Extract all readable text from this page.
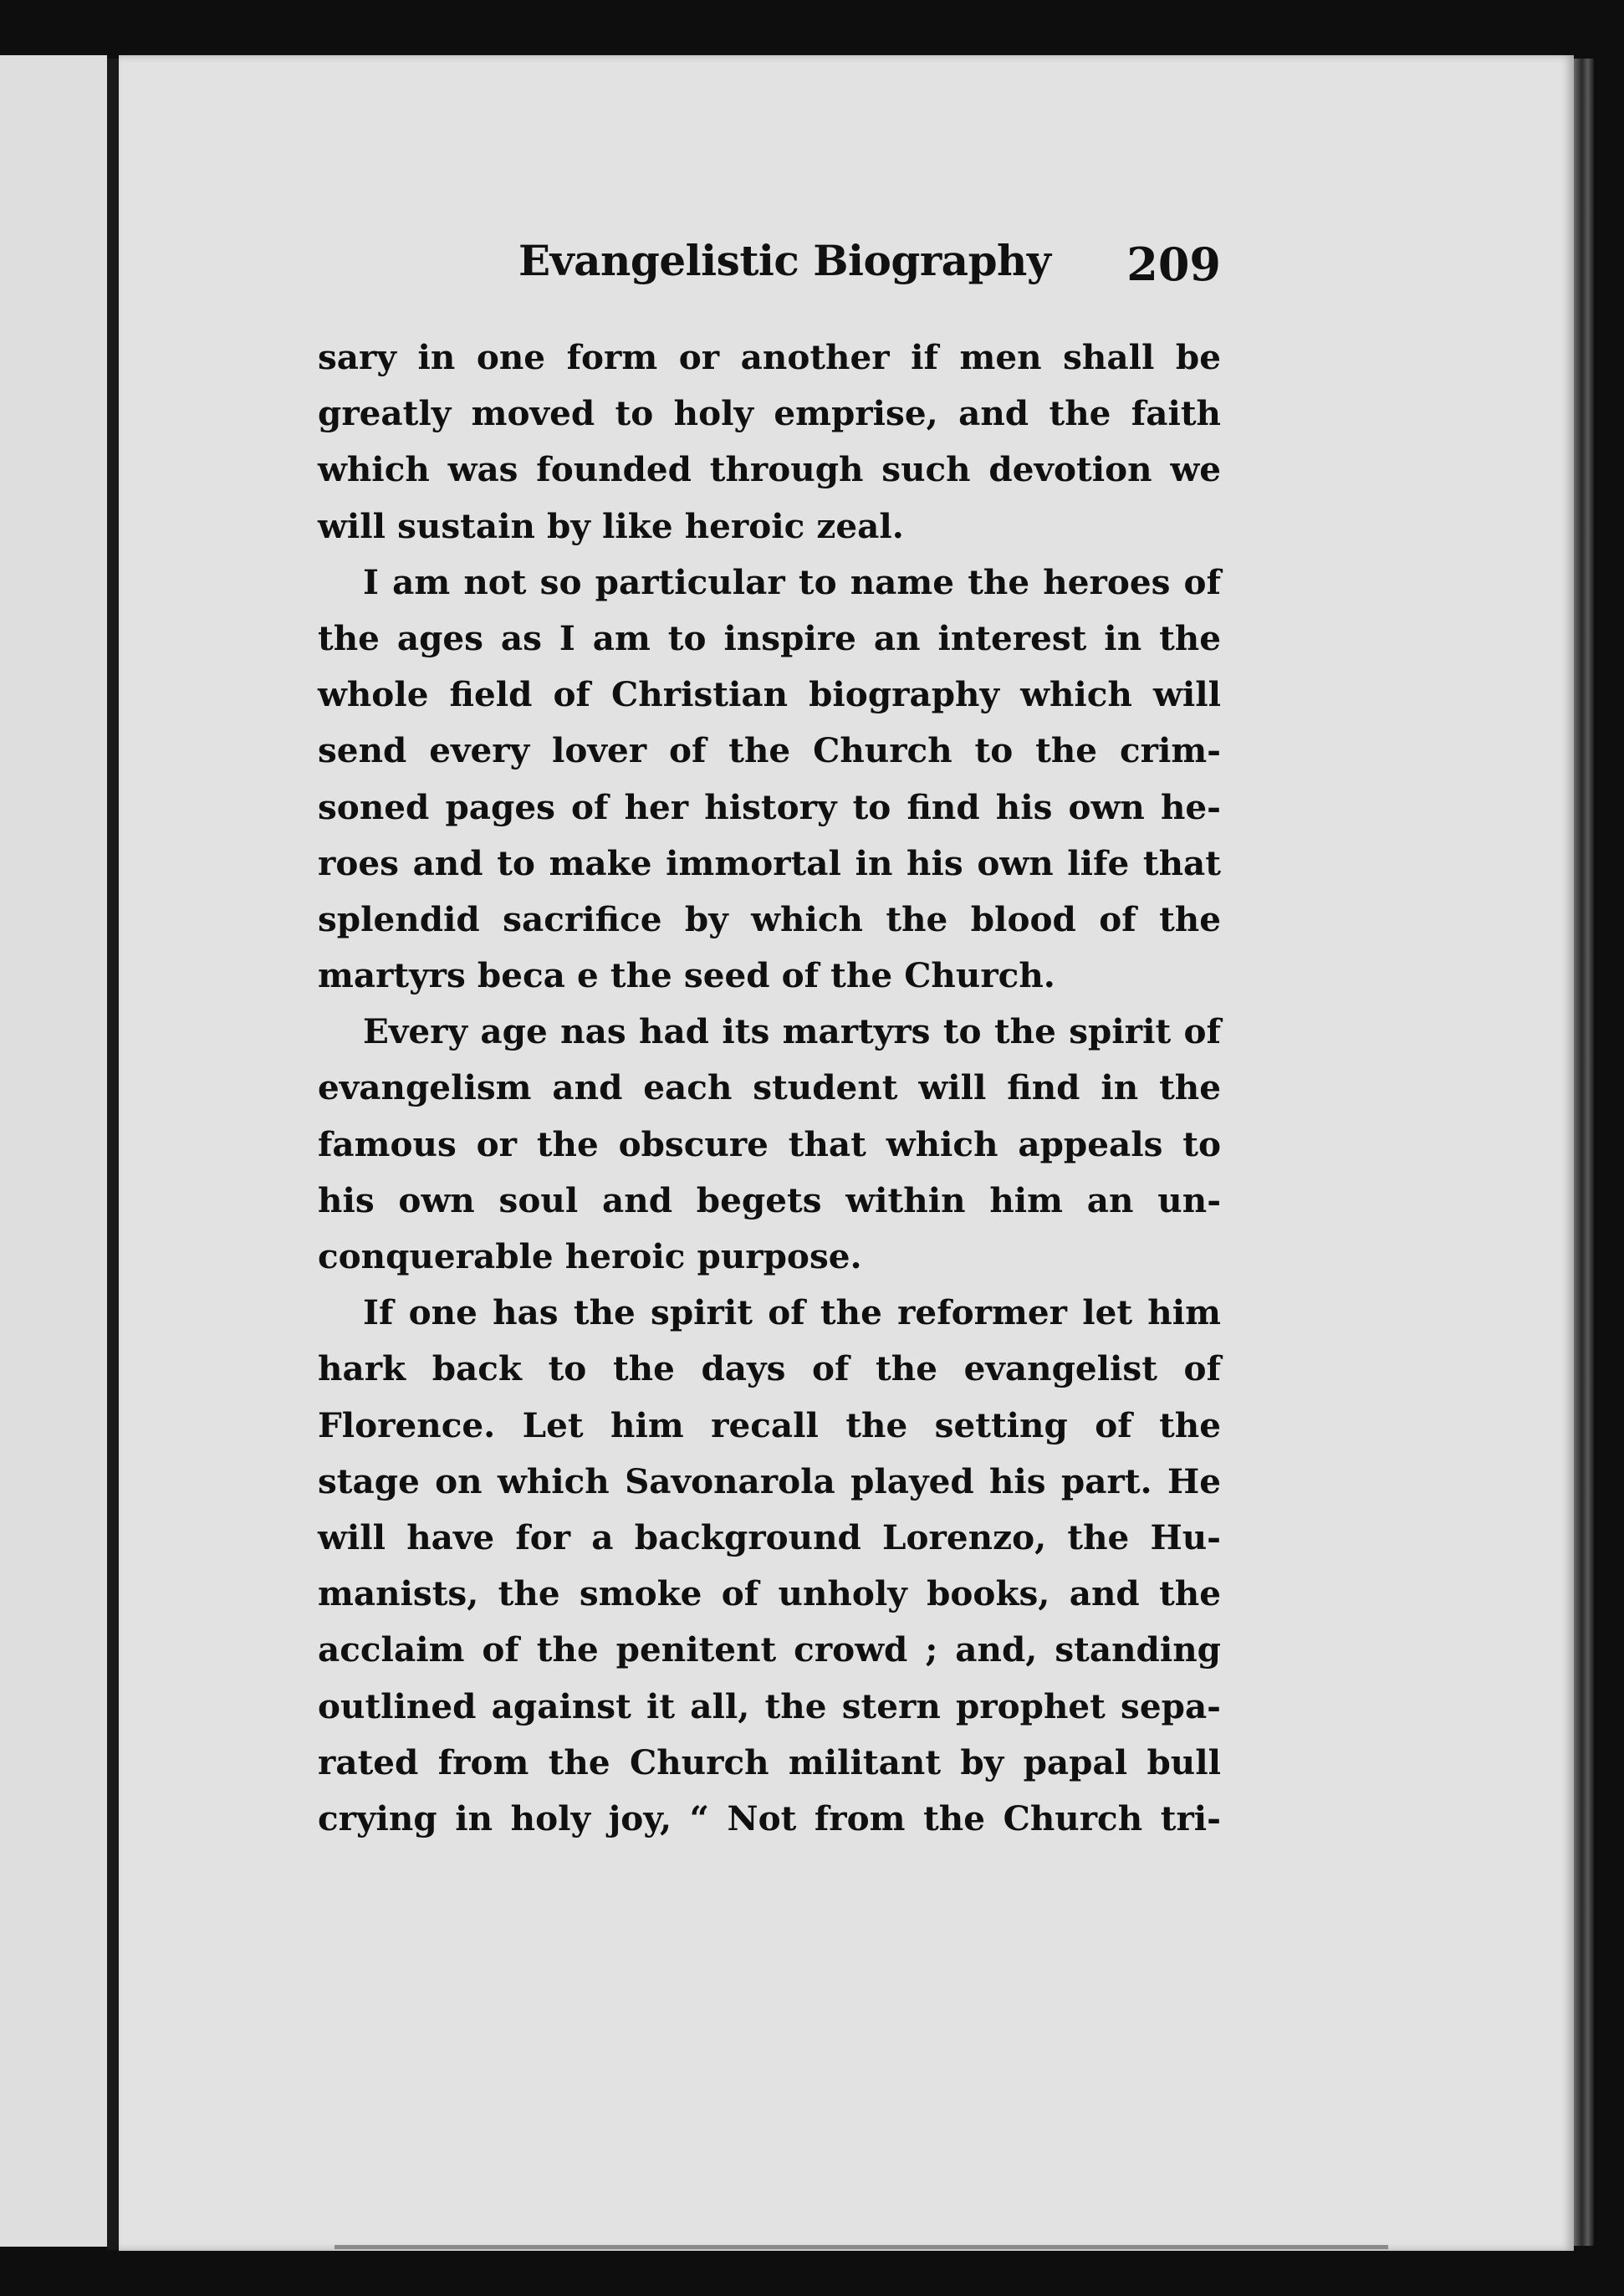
Evangelistic Biography 209
sary in one form or another if men shall be
greatly moved to holy emprise, and the faith
which was founded through such devotion we
will sustain by like heroic zeal.
I am not so particular to name the heroes of
the ages as I am to inspire an interest in the
whole field of Christian biography which will
send every lover of the Church to the crim-
soned pages of her history to find his own he-
roes and to make immortal in his own life that
splendid sacrifice by which the blood of the
martyrs beca e the seed of the Church.
Every age nas had its martyrs to the spirit of
evangelism and each student will find in the
famous or the obscure that which appeals to
his own soul and begets within him an un-
conquerable heroic purpose.
If one has the spirit of the reformer let him
hark back to the days of the evangelist of
Florence. Let him recall the setting of the
stage on which Savonarola played his part. He
will have for a background Lorenzo, the Hu-
manists, the smoke of unholy books, and the
acclaim of the penitent crowd ; and, standing
outlined against it all, the stern prophet sepa-
rated from the Church militant by papal bull
crying in holy joy, “ Not from the Church tri-
